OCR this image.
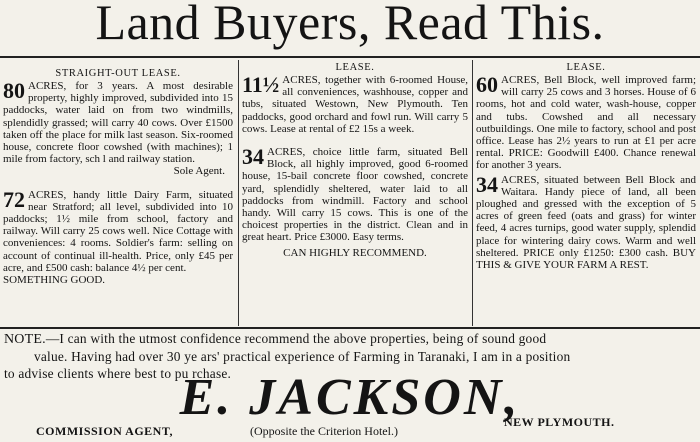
Land Buyers, Read This.
STRAIGHT-OUT LEASE.
80 ACRES, for 3 years. A most desirable property, highly improved, subdivided into 15 paddocks, water laid on from two windmills, splendidly grassed; will carry 40 cows. Over £1500 taken off the place for milk last season. Six-roomed house, concrete floor cowshed (with machines); 1 mile from factory, sch l and railway station.

Sole Agent.

72 ACRES, handy little Dairy Farm, situated near Stratford; all level, subdivided into 10 paddocks; 1½ mile from school, factory and railway. Will carry 25 cows well. Nice Cottage with conveniences: 4 rooms. Soldier's farm: selling on account of continual ill-health. Price, only £45 per acre, and £500 cash: balance 4½ per cent.

SOMETHING GOOD.

LEASE.
11½ ACRES, together with 6-roomed House, all conveniences, washhouse, copper and tubs, situated Westown, New Plymouth. Ten paddocks, good orchard and fowl run. Will carry 5 cows. Lease at rental of £2 15s a week.

34 ACRES, choice little farm, situated Bell Block, all highly improved, good 6-roomed house, 15-bail concrete floor cowshed, concrete yard, splendidly sheltered, water laid to all paddocks from windmill. Factory and school handy. Will carry 15 cows. This is one of the choicest properties in the district. Clean and in great heart. Price £3000. Easy terms.

CAN HIGHLY RECOMMEND.

LEASE.
60 ACRES, Bell Block, well improved farm; will carry 25 cows and 3 horses. House of 6 rooms, hot and cold water, wash-house, copper and tubs. Cowshed and all necessary outbuildings. One mile to factory, school and post office. Lease has 2½ years to run at £1 per acre rental. PRICE: Goodwill £400. Chance renewal for another 3 years.

34 ACRES, situated between Bell Block and Waitara. Handy piece of land, all been ploughed and gressed with the exception of 5 acres of green feed (oats and grass) for winter feed, 4 acres turnips, good water supply, splendid place for wintering dairy cows. Warm and well sheltered. PRICE only £1250: £300 cash. BUY THIS & GIVE YOUR FARM A REST.

NOTE.—I can with the utmost confidence recommend the above properties, being of sound good
value. Having had over 30 ye ars' practical experience of Farming in Taranaki, I am in a position
to advise clients where best to pu rchase.
E. JACKSON,
COMMISSION AGENT,	(Opposite the Criterion Hotel.)
NEW PLYMOUTH.
